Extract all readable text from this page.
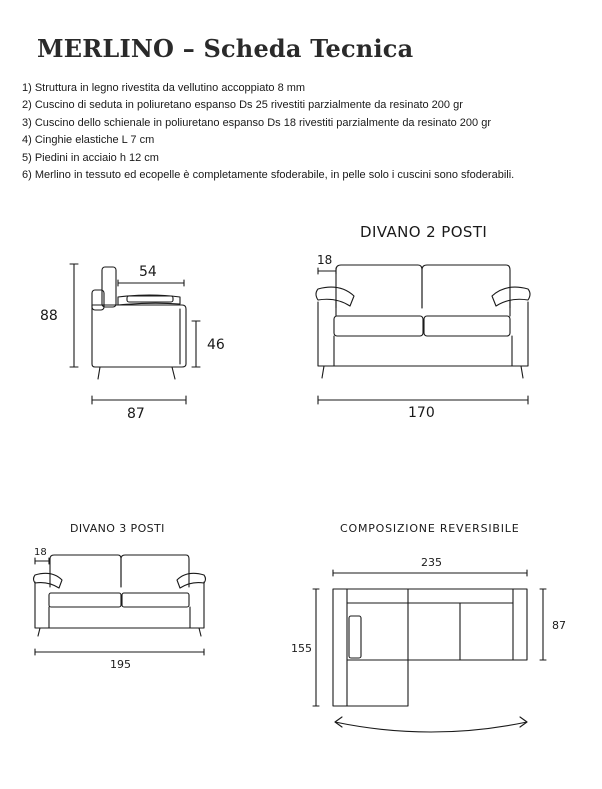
MERLINO – Scheda Tecnica
1) Struttura in legno rivestita da vellutino accoppiato 8 mm
2) Cuscino di seduta in poliuretano espanso Ds 25 rivestiti parzialmente da resinato 200 gr
3) Cuscino dello schienale in poliuretano espanso Ds 18 rivestiti parzialmente da resinato 200 gr
4) Cinghie elastiche L 7 cm
5) Piedini in acciaio h 12 cm
6) Merlino in tessuto ed ecopelle è completamente sfoderabile, in pelle solo i cuscini sono sfoderabili.
DIVANO 2 POSTI
DIVANO 3 POSTI	COMPOSIZIONE REVERSIBILE
88
54
46
87
18
170
18
195
235
87
155
